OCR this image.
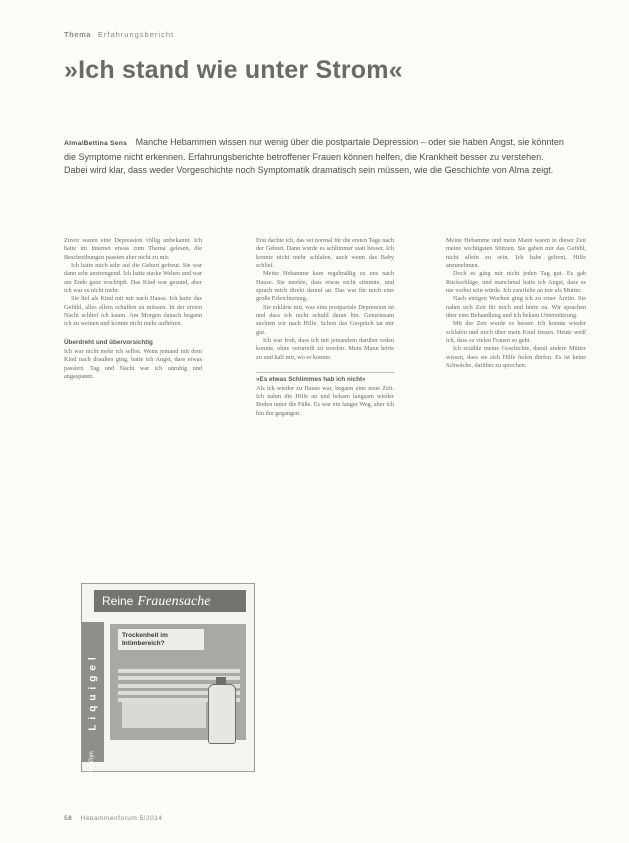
Thema Erfahrungsbericht
»Ich stand wie unter Strom«
Alma/Bettina Sens Manche Hebammen wissen nur wenig über die postpartale Depression – oder sie haben Angst, sie könnten die Symptome nicht erkennen. Erfahrungsberichte betroffener Frauen können helfen, die Krankheit besser zu verstehen. Dabei wird klar, dass weder Vorgeschichte noch Symptomatik dramatisch sein müssen, wie die Geschichte von Alma zeigt.

Zuvor waren eine Depression völlig unbekannt. Ich hatte im Internet etwas zum Thema gelesen, die Beschreibungen passten aber nicht zu mir.

Ich hatte mich sehr auf die Geburt gefreut. Sie war dann sehr anstrengend. Ich hatte starke Wehen und war am Ende ganz erschöpft. Das Kind war gesund, aber ich war es nicht mehr.

Sie lief als Kind mit mir nach Hause. Ich hatte das Gefühl, alles allein schaffen zu müssen. In der ersten Nacht schlief ich kaum. Am Morgen danach begann ich zu weinen und konnte nicht mehr aufhören.

Überdreht und übervorsichtig

Ich war nicht mehr ich selbst. Wenn jemand mit dem Kind nach draußen ging, hatte ich Angst, dass etwas passiert. Tag und Nacht war ich unruhig und angespannt.

Reine Frauensache
Liquigel
MultiGyn
Trockenheit im Intimbereich?

Erst dachte ich, das sei normal für die ersten Tage nach der Geburt. Dann wurde es schlimmer statt besser. Ich konnte nicht mehr schlafen, auch wenn das Baby schlief.

Meine Hebamme kam regelmäßig zu uns nach Hause. Sie merkte, dass etwas nicht stimmte, und sprach mich direkt darauf an. Das war für mich eine große Erleichterung.

Sie erklärte mir, was eine postpartale Depression ist und dass ich nicht schuld daran bin. Gemeinsam suchten wir nach Hilfe. Schon das Gespräch tat mir gut.

Ich war froh, dass ich mit jemandem darüber reden konnte, ohne verurteilt zu werden. Mein Mann hörte zu und half mir, wo er konnte.

»Es etwas Schlimmes hab ich nicht«

Als ich wieder zu Hause war, begann eine neue Zeit. Ich nahm die Hilfe an und bekam langsam wieder Boden unter die Füße. Es war ein langer Weg, aber ich bin ihn gegangen.

Meine Hebamme und mein Mann waren in dieser Zeit meine wichtigsten Stützen. Sie gaben mir das Gefühl, nicht allein zu sein. Ich habe gelernt, Hilfe anzunehmen.

Doch es ging mir nicht jeden Tag gut. Es gab Rückschläge, und manchmal hatte ich Angst, dass es nie vorbei sein würde. Ich zweifelte an mir als Mutter.

Nach einigen Wochen ging ich zu einer Ärztin. Sie nahm sich Zeit für mich und hörte zu. Wir sprachen über eine Behandlung und ich bekam Unterstützung.

Mit der Zeit wurde es besser. Ich konnte wieder schlafen und mich über mein Kind freuen. Heute weiß ich, dass es vielen Frauen so geht.

Ich erzähle meine Geschichte, damit andere Mütter wissen, dass sie sich Hilfe holen dürfen. Es ist keine Schwäche, darüber zu sprechen.

58 Hebammenforum 5/2014
